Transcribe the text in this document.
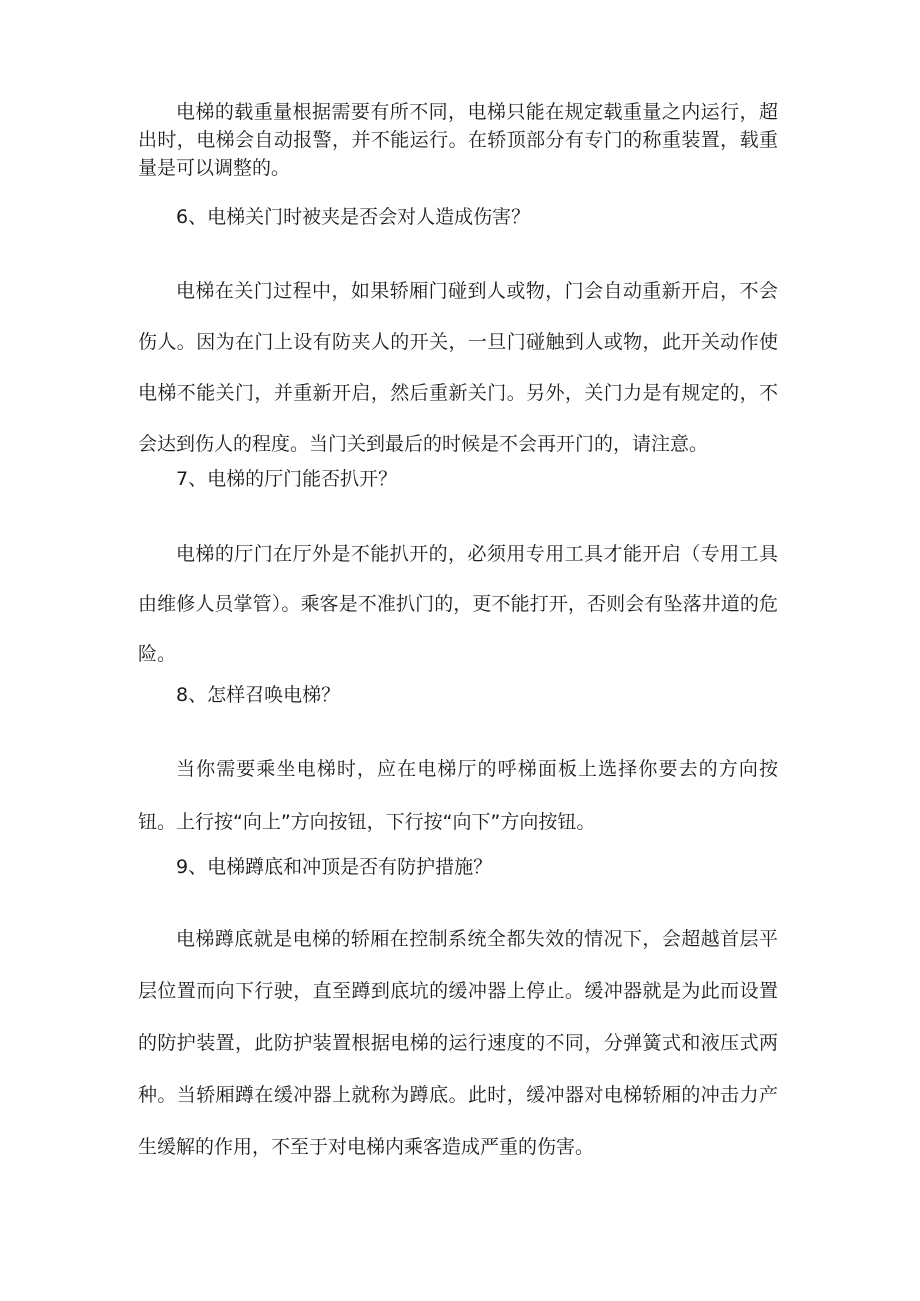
电梯的载重量根据需要有所不同，电梯只能在规定载重量之内运行，超出时，电梯会自动报警，并不能运行。在轿顶部分有专门的称重装置，载重量是可以调整的。

6、电梯关门时被夹是否会对人造成伤害？

电梯在关门过程中，如果轿厢门碰到人或物，门会自动重新开启，不会伤人。因为在门上设有防夹人的开关，一旦门碰触到人或物，此开关动作使电梯不能关门，并重新开启，然后重新关门。另外，关门力是有规定的，不会达到伤人的程度。当门关到最后的时候是不会再开门的，请注意。

7、电梯的厅门能否扒开？

电梯的厅门在厅外是不能扒开的，必须用专用工具才能开启（专用工具由维修人员掌管）。乘客是不准扒门的，更不能打开，否则会有坠落井道的危险。

8、怎样召唤电梯？

当你需要乘坐电梯时，应在电梯厅的呼梯面板上选择你要去的方向按钮。上行按“向上”方向按钮，下行按“向下”方向按钮。

9、电梯蹲底和冲顶是否有防护措施？

电梯蹲底就是电梯的轿厢在控制系统全都失效的情况下，会超越首层平层位置而向下行驶，直至蹲到底坑的缓冲器上停止。缓冲器就是为此而设置的防护装置，此防护装置根据电梯的运行速度的不同，分弹簧式和液压式两种。当轿厢蹲在缓冲器上就称为蹲底。此时，缓冲器对电梯轿厢的冲击力产生缓解的作用，不至于对电梯内乘客造成严重的伤害。
